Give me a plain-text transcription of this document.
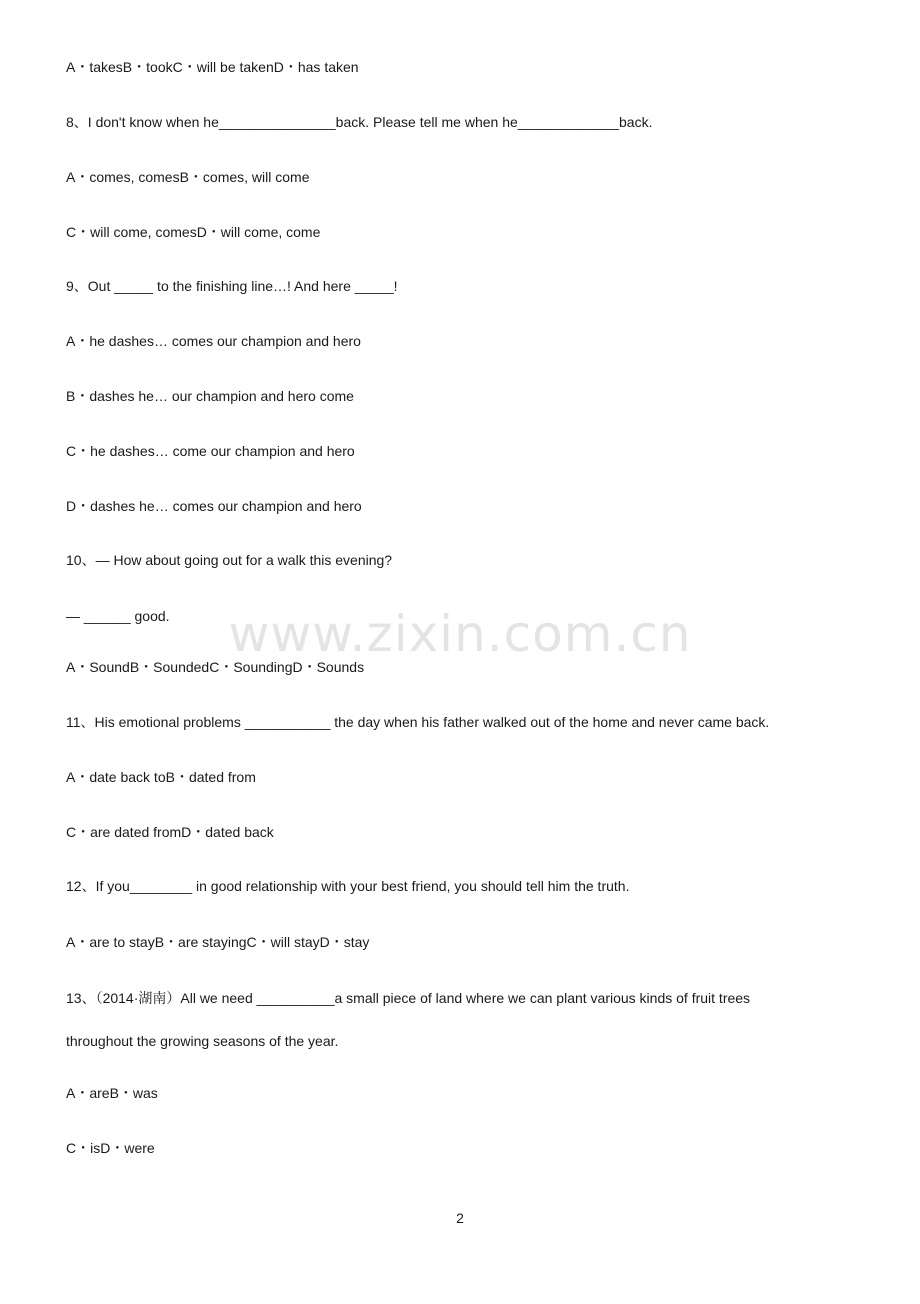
A・takesB・tookC・will be takenD・has taken
8、I don't know when he_______________back. Please tell me when he_____________back.
A・comes, comesB・comes, will come
C・will come, comesD・will come, come
9、Out _____ to the finishing line…! And here _____!
A・he dashes… comes our champion and hero
B・dashes he… our champion and hero come
C・he dashes… come our champion and hero
D・dashes he… comes our champion and hero
10、— How about going out for a walk this evening?
— ______ good.
A・SoundB・SoundedC・SoundingD・Sounds
11、His emotional problems ___________ the day when his father walked out of the home and never came back.
A・date back toB・dated from
C・are dated fromD・dated back
12、If you________ in good relationship with your best friend, you should tell him the truth.
A・are to stayB・are stayingC・will stayD・stay
13、（2014·湖南）All we need __________a small piece of land where we can plant various kinds of fruit trees
throughout the growing seasons of the year.
A・areB・was
C・isD・were
www.zixin.com.cn
2
